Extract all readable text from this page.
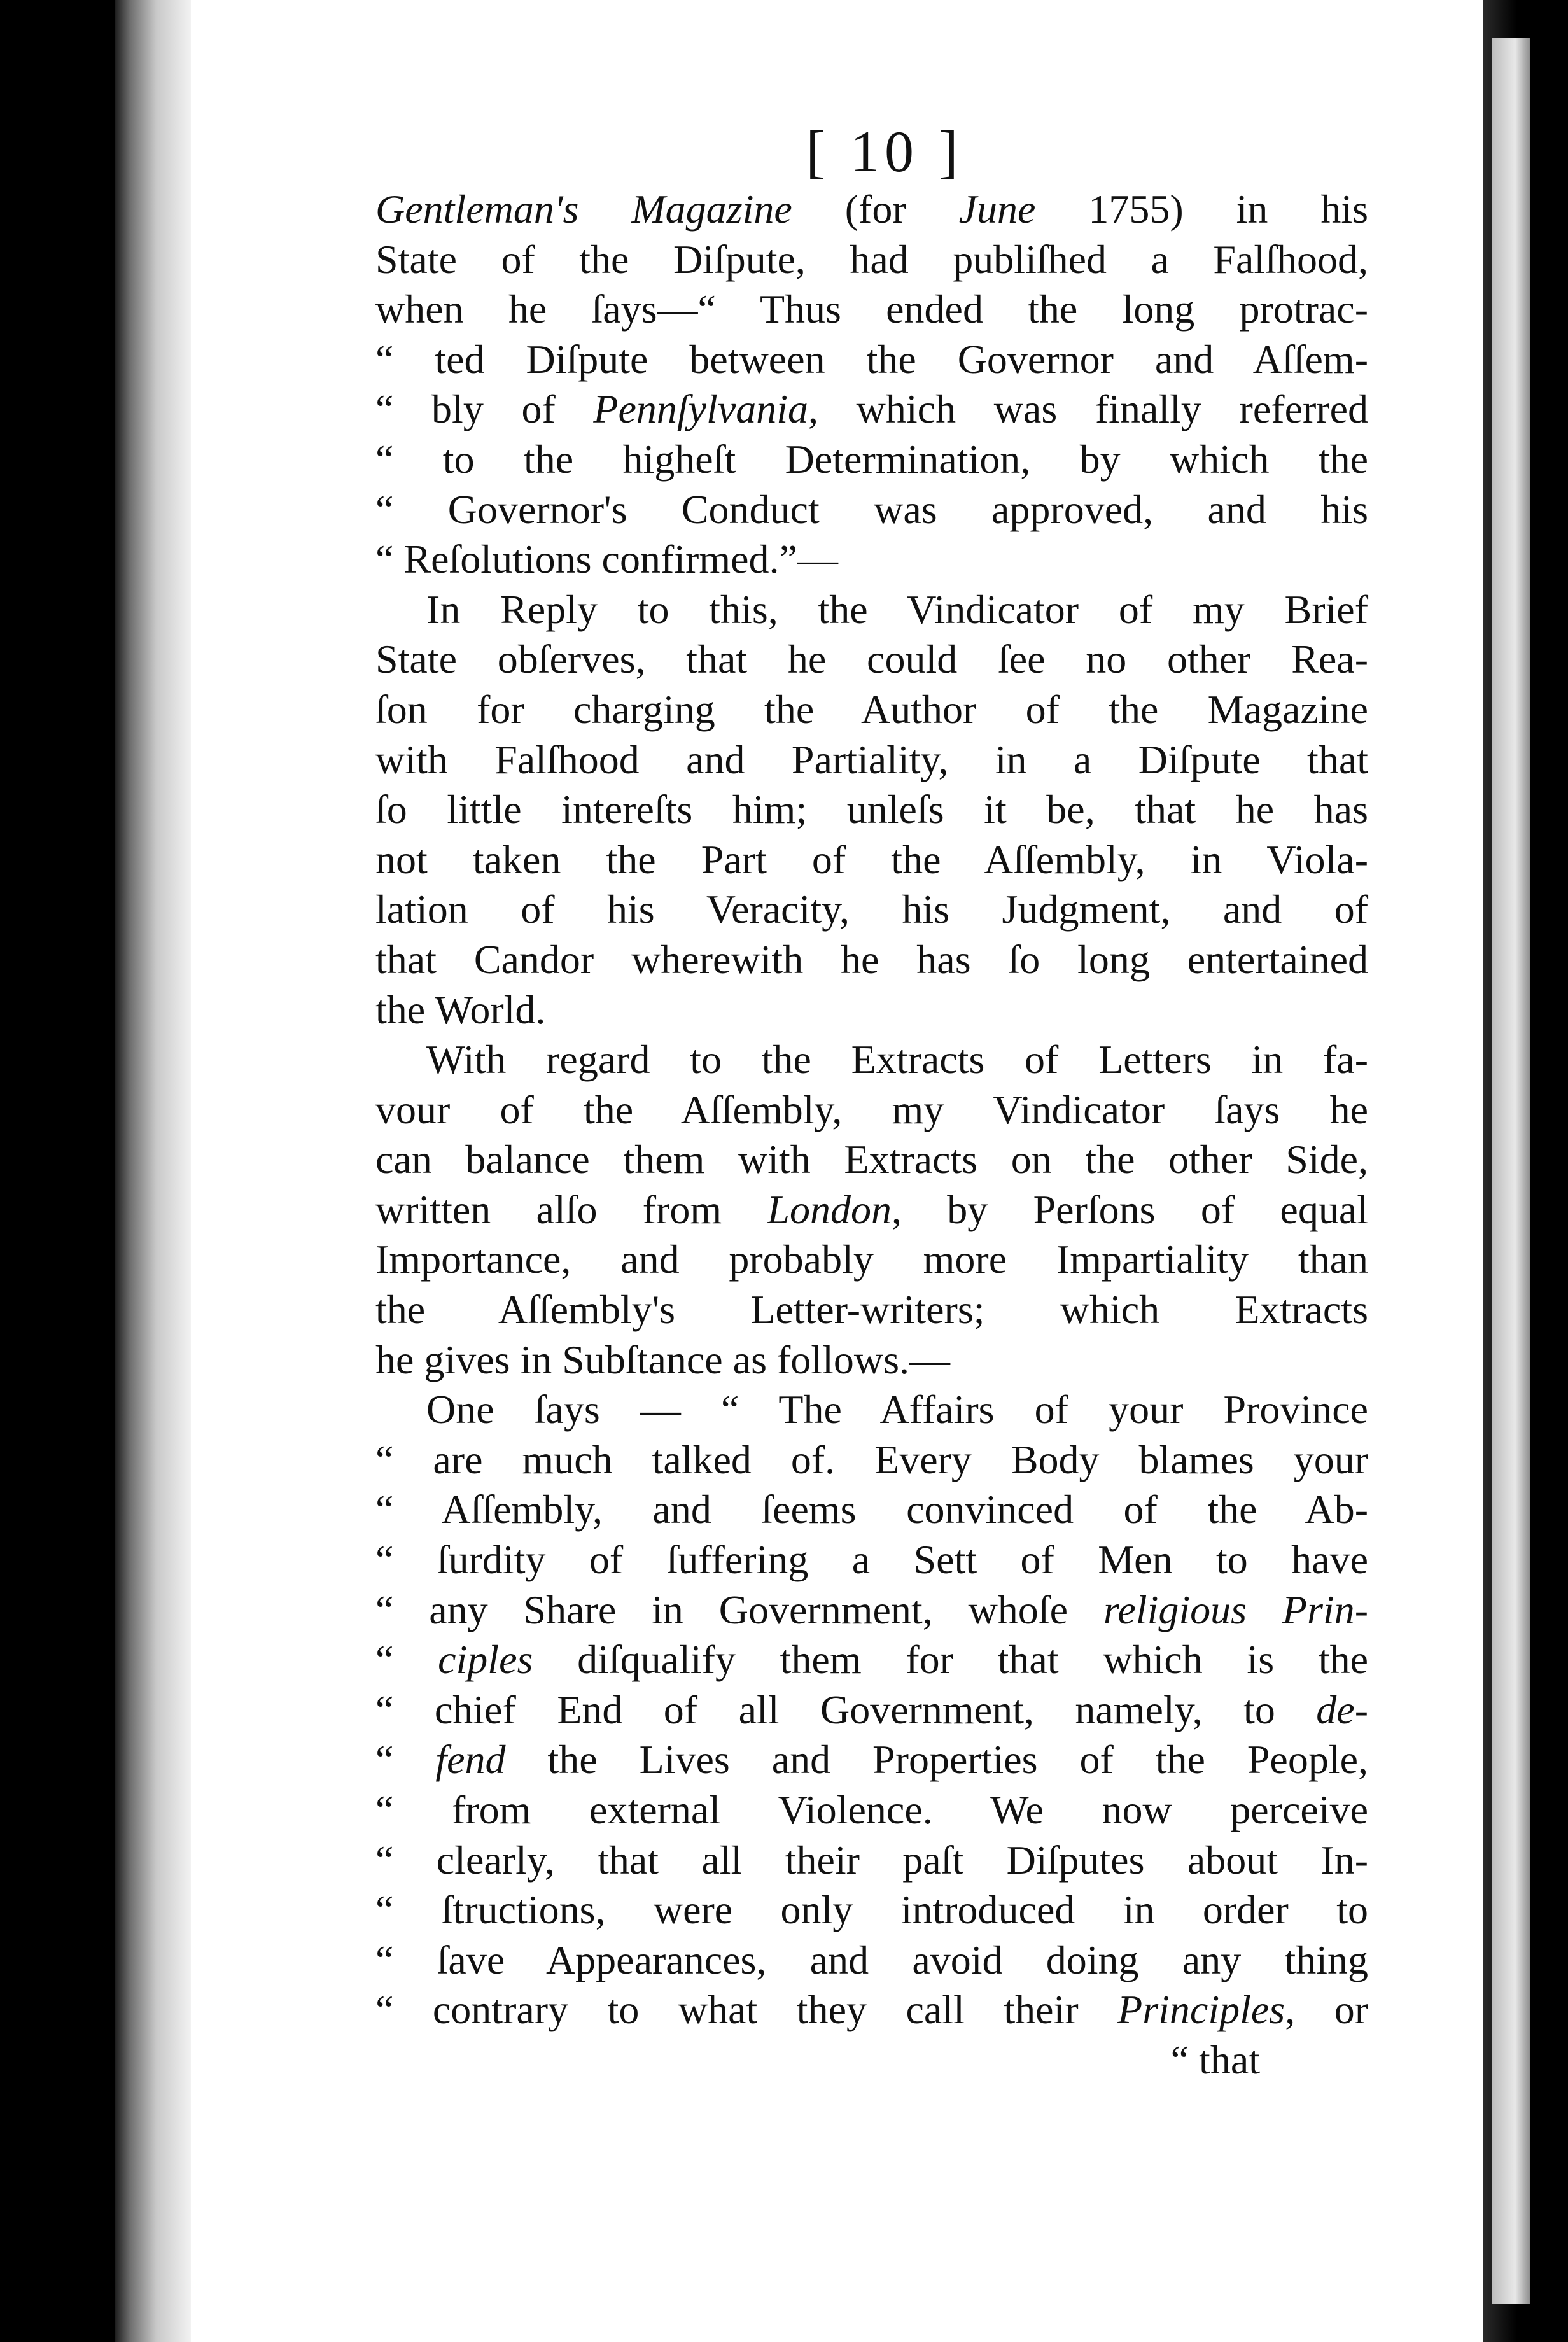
[ 10 ]
Gentleman's Magazine (for June 1755) in his
State of the Diſpute, had publiſhed a Falſhood,
when he ſays—“ Thus ended the long protrac-
“ ted Diſpute between the Governor and Aſſem-
“ bly of Pennſylvania, which was finally referred
“ to the higheſt Determination, by which the
“ Governor's Conduct was approved, and his
“ Reſolutions confirmed.”—
In Reply to this, the Vindicator of my Brief
State obſerves, that he could ſee no other Rea-
ſon for charging the Author of the Magazine
with Falſhood and Partiality, in a Diſpute that
ſo little intereſts him; unleſs it be, that he has
not taken the Part of the Aſſembly, in Viola-
lation of his Veracity, his Judgment, and of
that Candor wherewith he has ſo long entertained
the World.
With regard to the Extracts of Letters in fa-
vour of the Aſſembly, my Vindicator ſays he
can balance them with Extracts on the other Side,
written alſo from London, by Perſons of equal
Importance, and probably more Impartiality than
the Aſſembly's Letter-writers; which Extracts
he gives in Subſtance as follows.—
One ſays — “ The Affairs of your Province
“ are much talked of. Every Body blames your
“ Aſſembly, and ſeems convinced of the Ab-
“ ſurdity of ſuffering a Sett of Men to have
“ any Share in Government, whoſe religious Prin-
“ ciples diſqualify them for that which is the
“ chief End of all Government, namely, to de-
“ fend the Lives and Properties of the People,
“ from external Violence. We now perceive
“ clearly, that all their paſt Diſputes about In-
“ ſtructions, were only introduced in order to
“ ſave Appearances, and avoid doing any thing
“ contrary to what they call their Principles, or
“ that
